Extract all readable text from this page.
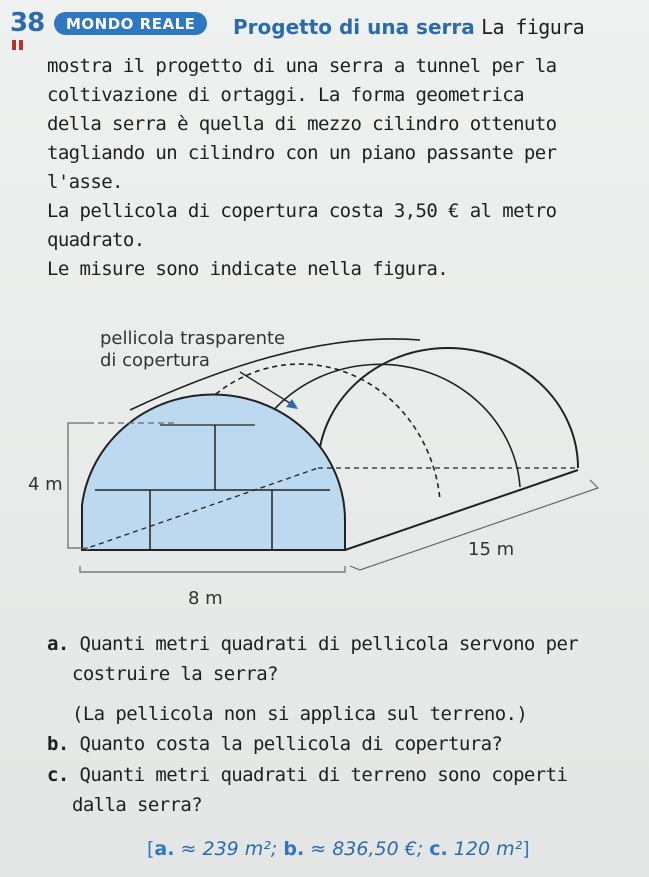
38	MONDO REALE	Progetto di una serra La figura
mostra il progetto di una serra a tunnel per la
coltivazione di ortaggi. La forma geometrica
della serra è quella di mezzo cilindro ottenuto
tagliando un cilindro con un piano passante per
l'asse.
La pellicola di copertura costa 3,50 € al metro
quadrato.
Le misure sono indicate nella figura.
pellicola trasparente
di copertura
4 m
15 m
8 m
a. Quanti metri quadrati di pellicola servono per
costruire la serra?
(La pellicola non si applica sul terreno.)
b. Quanto costa la pellicola di copertura?
c. Quanti metri quadrati di terreno sono coperti
dalla serra?
[a. ≈ 239 m²; b. ≈ 836,50 €; c. 120 m²]
